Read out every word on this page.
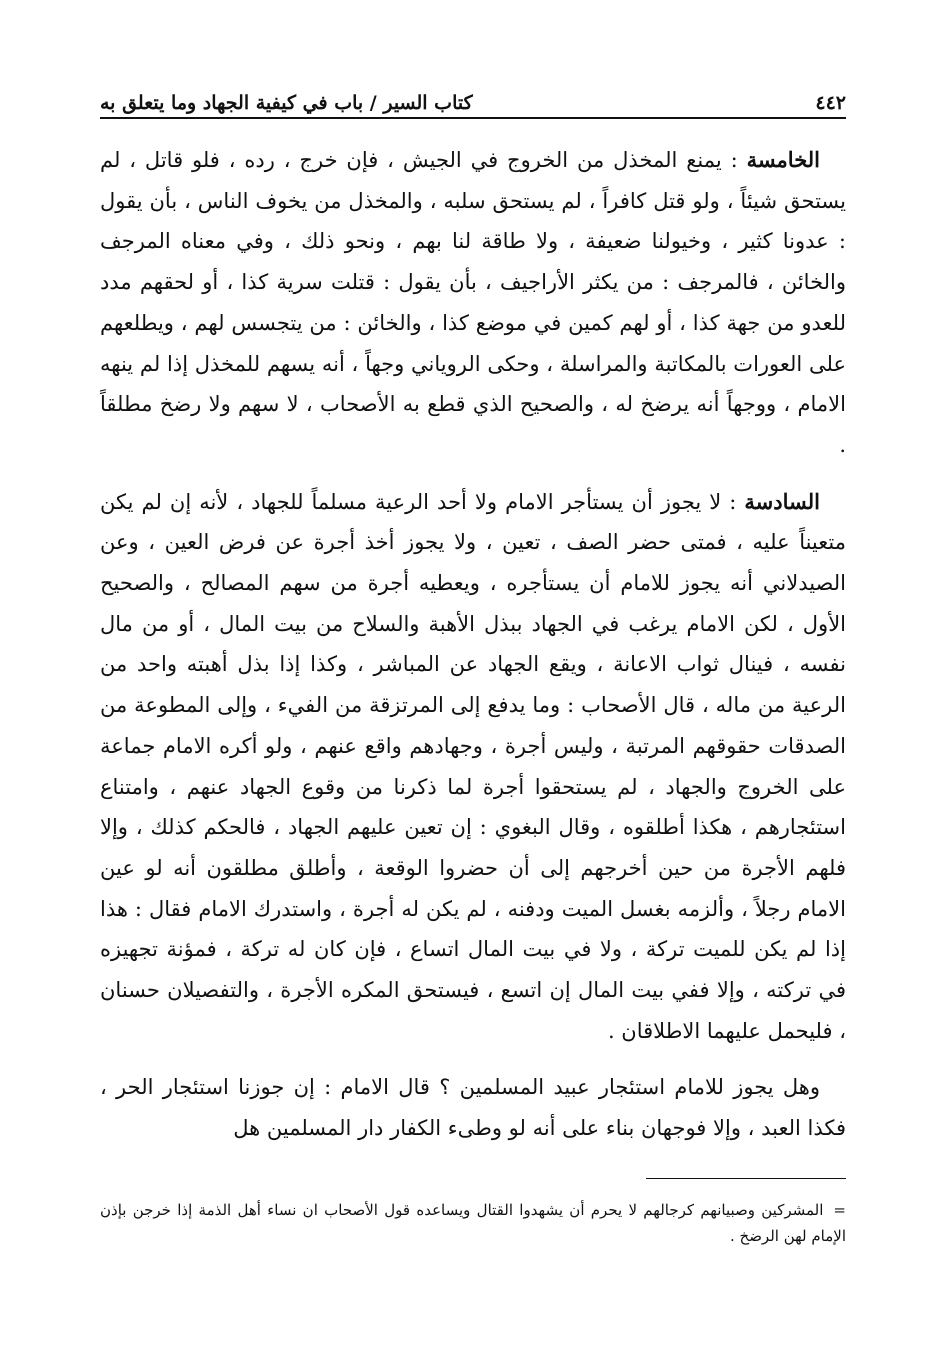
٤٤٢
كتاب السير / باب في كيفية الجهاد وما يتعلق به

الخامسة : يمنع المخذل من الخروج في الجيش ، فإن خرج ، رده ، فلو قاتل ، لم يستحق شيئاً ، ولو قتل كافراً ، لم يستحق سلبه ، والمخذل من يخوف الناس ، بأن يقول : عدونا كثير ، وخيولنا ضعيفة ، ولا طاقة لنا بهم ، ونحو ذلك ، وفي معناه المرجف والخائن ، فالمرجف : من يكثر الأراجيف ، بأن يقول : قتلت سرية كذا ، أو لحقهم مدد للعدو من جهة كذا ، أو لهم كمين في موضع كذا ، والخائن : من يتجسس لهم ، ويطلعهم على العورات بالمكاتبة والمراسلة ، وحكى الروياني وجهاً ، أنه يسهم للمخذل إذا لم ينهه الامام ، ووجهاً أنه يرضخ له ، والصحيح الذي قطع به الأصحاب ، لا سهم ولا رضخ مطلقاً .

السادسة : لا يجوز أن يستأجر الامام ولا أحد الرعية مسلماً للجهاد ، لأنه إن لم يكن متعيناً عليه ، فمتى حضر الصف ، تعين ، ولا يجوز أخذ أجرة عن فرض العين ، وعن الصيدلاني أنه يجوز للامام أن يستأجره ، ويعطيه أجرة من سهم المصالح ، والصحيح الأول ، لكن الامام يرغب في الجهاد ببذل الأهبة والسلاح من بيت المال ، أو من مال نفسه ، فينال ثواب الاعانة ، ويقع الجهاد عن المباشر ، وكذا إذا بذل أهبته واحد من الرعية من ماله ، قال الأصحاب : وما يدفع إلى المرتزقة من الفيء ، وإلى المطوعة من الصدقات حقوقهم المرتبة ، وليس أجرة ، وجهادهم واقع عنهم ، ولو أكره الامام جماعة على الخروج والجهاد ، لم يستحقوا أجرة لما ذكرنا من وقوع الجهاد عنهم ، وامتناع استئجارهم ، هكذا أطلقوه ، وقال البغوي : إن تعين عليهم الجهاد ، فالحكم كذلك ، وإلا فلهم الأجرة من حين أخرجهم إلى أن حضروا الوقعة ، وأطلق مطلقون أنه لو عين الامام رجلاً ، وألزمه بغسل الميت ودفنه ، لم يكن له أجرة ، واستدرك الامام فقال : هذا إذا لم يكن للميت تركة ، ولا في بيت المال اتساع ، فإن كان له تركة ، فمؤنة تجهيزه في تركته ، وإلا ففي بيت المال إن اتسع ، فيستحق المكره الأجرة ، والتفصيلان حسنان ، فليحمل عليهما الاطلاقان .

وهل يجوز للامام استئجار عبيد المسلمين ؟ قال الامام : إن جوزنا استئجار الحر ، فكذا العبد ، وإلا فوجهان بناء على أنه لو وطىء الكفار دار المسلمين هل

=المشركين وصبيانهم كرجالهم لا يحرم أن يشهدوا القتال ويساعده قول الأصحاب ان نساء أهل الذمة إذا خرجن بإذن الإمام لهن الرضخ .
